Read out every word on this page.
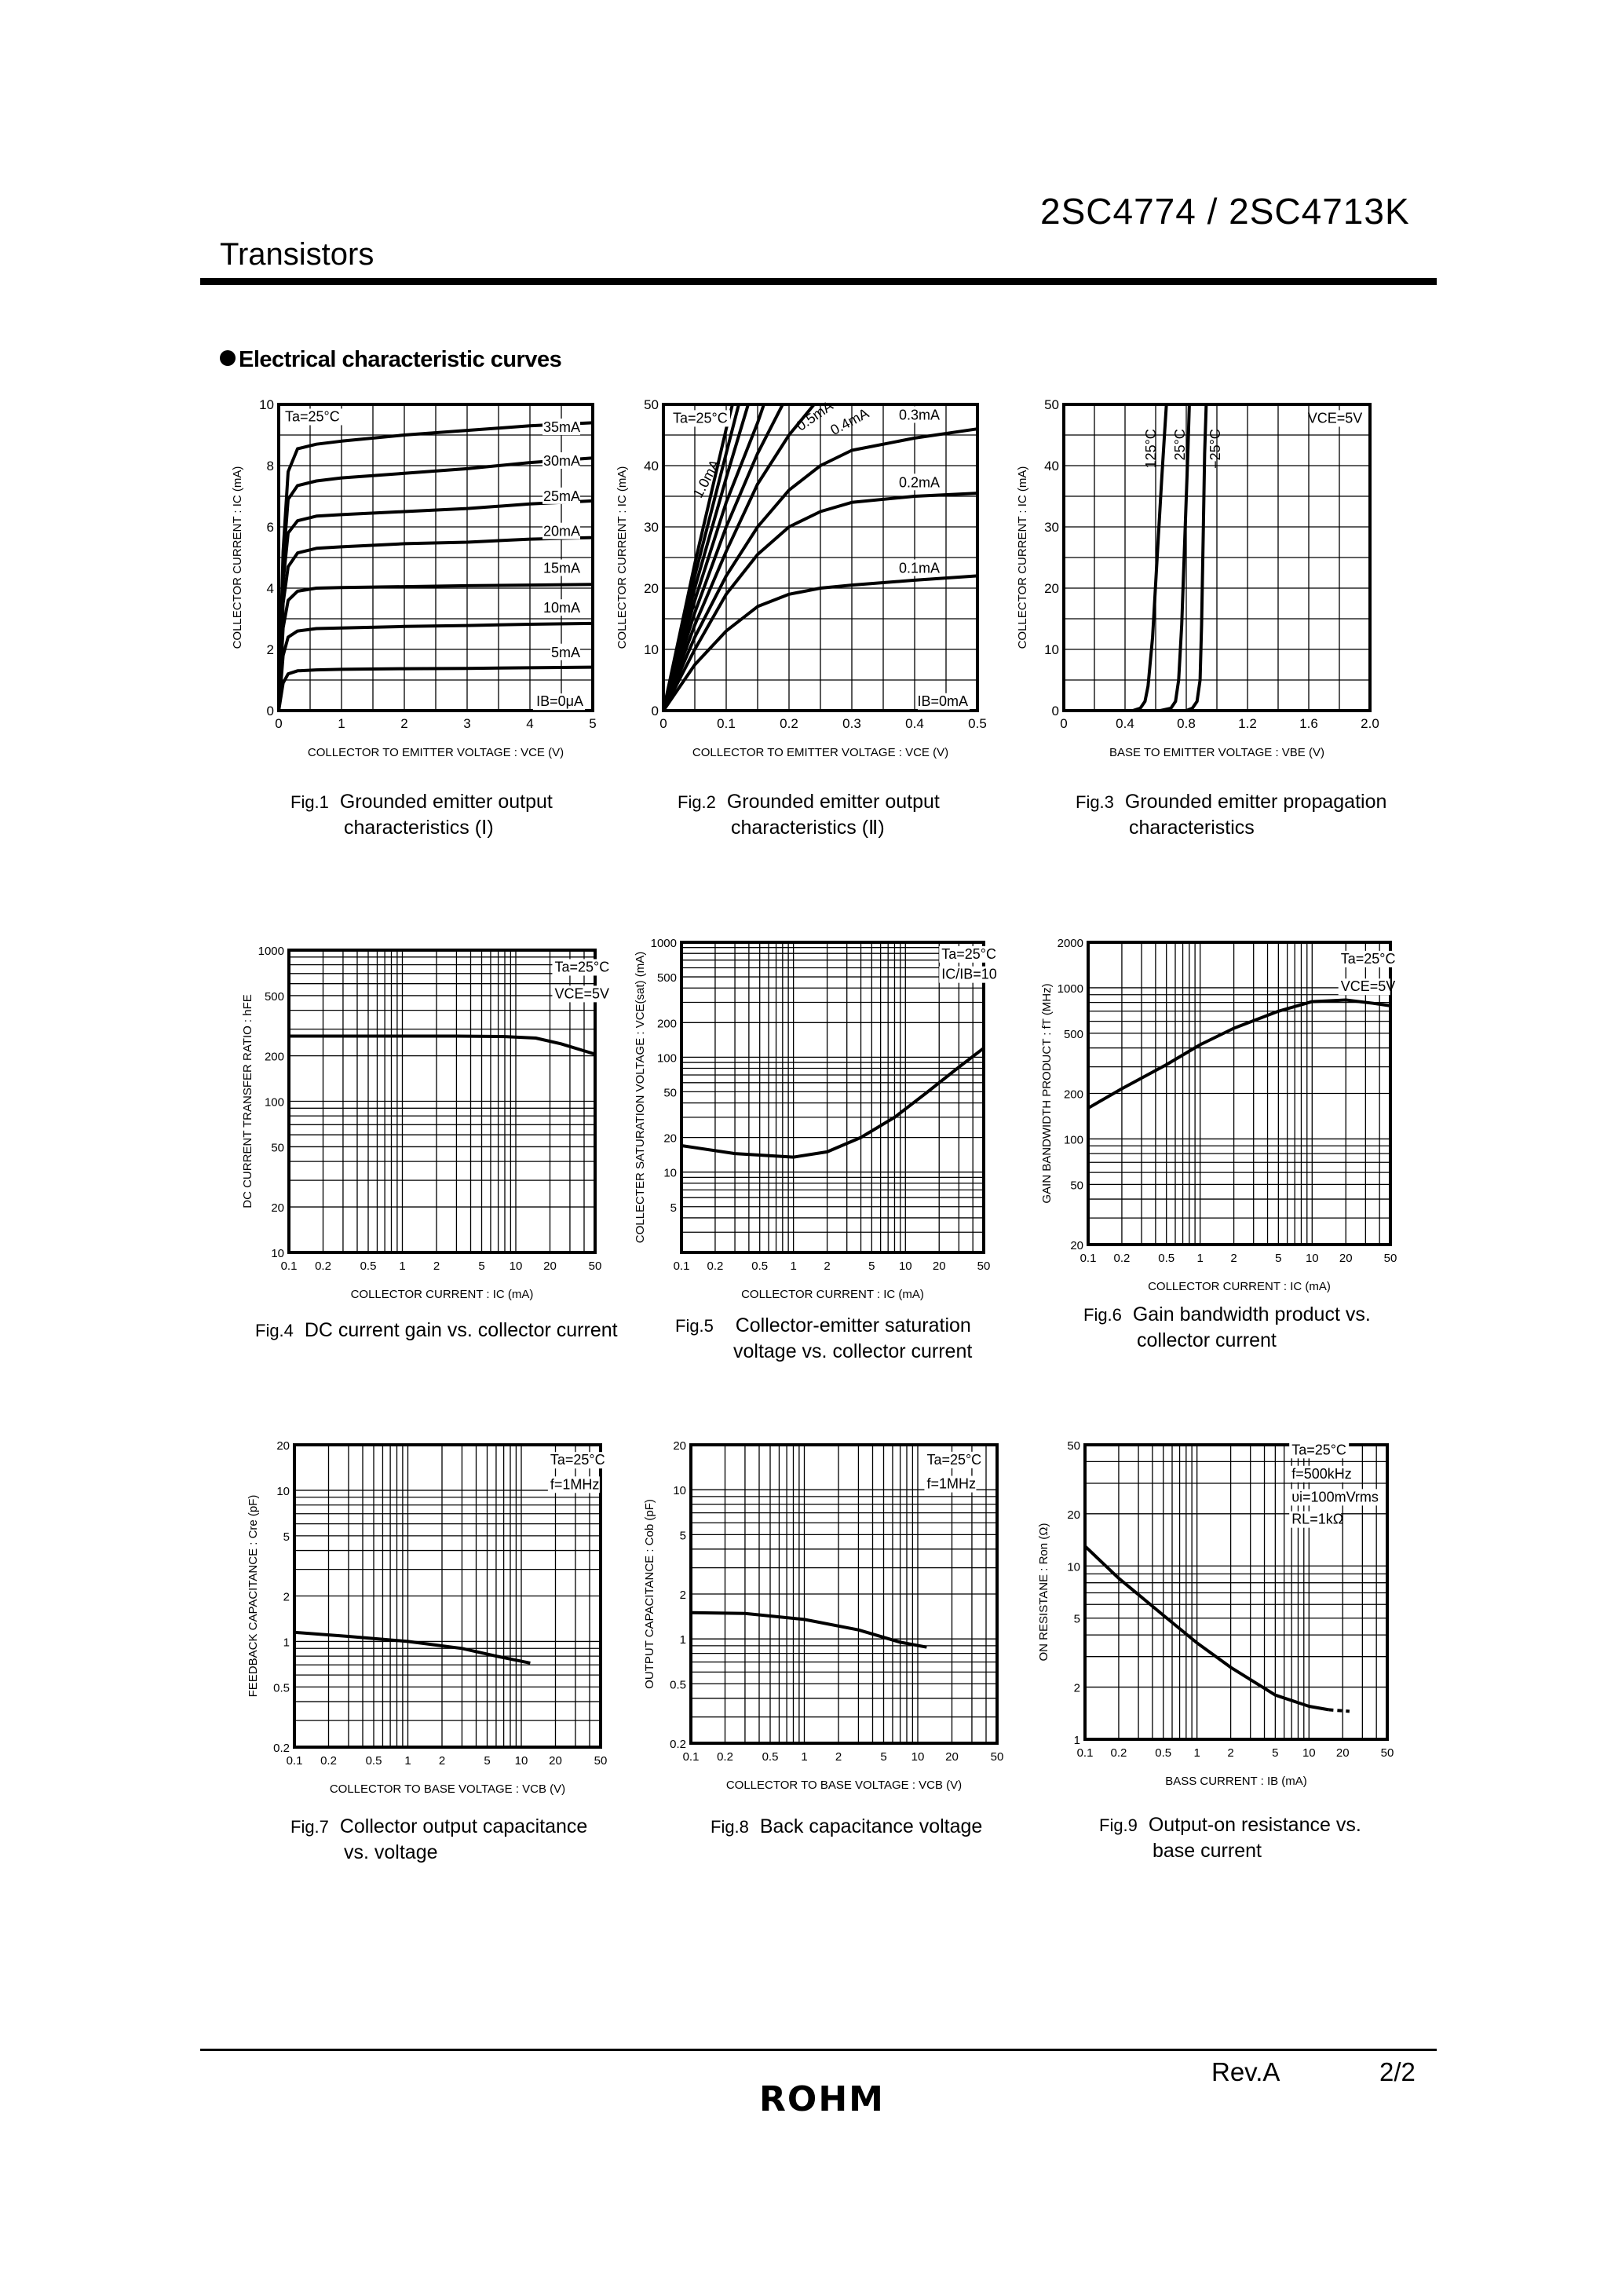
2SC4774 / 2SC4713K
Transistors
Electrical characteristic curves
0	1	2	3	4	5
0
2
4
6
8
10
COLLECTOR TO EMITTER VOLTAGE : VCE (V)
COLLECTOR CURRENT : IC (mA)
35mA
30mA
25mA
20mA
15mA
10mA
5mA
Ta=25°C
IB=0μA
0	0.1	0.2	0.3	0.4	0.5
0
10
20
30
40
50
COLLECTOR TO EMITTER VOLTAGE : VCE (V)
COLLECTOR CURRENT : IC (mA)
0.3mA
0.2mA
0.1mA
Ta=25°C
IB=0mA
1.0mA
0.5mA
0.4mA
0	0.4	0.8	1.2	1.6	2.0
0
10
20
30
40
50
BASE TO EMITTER VOLTAGE : VBE (V)
COLLECTOR CURRENT : IC (mA)
125°C 25°C −25°C
VCE=5V
0.1 0.2 0.5 1 2	5 10 20	50
10
20
50
100
200
500
1000
COLLECTOR CURRENT : IC (mA)
DC CURRENT TRANSFER RATIO : hFE
Ta=25°C
VCE=5V
0.1 0.2 0.5 1 2	5 10 20	50
5
10
20
50
100
200
500
1000
COLLECTOR CURRENT : IC (mA)
COLLECTER SATURATION VOLTAGE : VCE(sat) (mA)	Ta=25°C
IC/IB=10
0.1 0.2 0.5 1 2	5 10 20	50
20
50
100
200
500
1000
2000
COLLECTOR CURRENT : IC (mA)
GAIN BANDWIDTH PRODUCT : fT (MHz)
Ta=25°C
VCE=5V
0.1 0.2 0.5 1 2	5 10 20	50
0.2
0.5
1
2
5
10
20
COLLECTOR TO BASE VOLTAGE : VCB (V)
FEEDBACK CAPACITANCE : Cre (pF)
Ta=25°C
f=1MHz
0.1 0.2 0.5 1 2	5 10 20	50
0.2
0.5
1
2
5
10
20
COLLECTOR TO BASE VOLTAGE : VCB (V)
OUTPUT CAPACITANCE : Cob (pF)
Ta=25°C
f=1MHz
0.1 0.2 0.5 1 2	5 10 20	50
1
2
5
10
20
50
BASS CURRENT : IB (mA)
ON RESISTANE : Ron (Ω)
Ta=25°C
f=500kHz
υi=100mVrms
RL=1kΩ
Fig.1 Grounded emitter output
characteristics (Ⅰ)
Fig.2 Grounded emitter output
characteristics (Ⅱ)
Fig.3 Grounded emitter propagation
characteristics
Fig.4 DC current gain vs. collector current	Fig.5 Collector-emitter saturation
voltage vs. collector current
Fig.6 Gain bandwidth product vs.
collector current
Fig.7 Collector output capacitance
vs. voltage
Fig.8 Back capacitance voltage	Fig.9 Output-on resistance vs.
base current
Rev.A	2/2
ROHM
